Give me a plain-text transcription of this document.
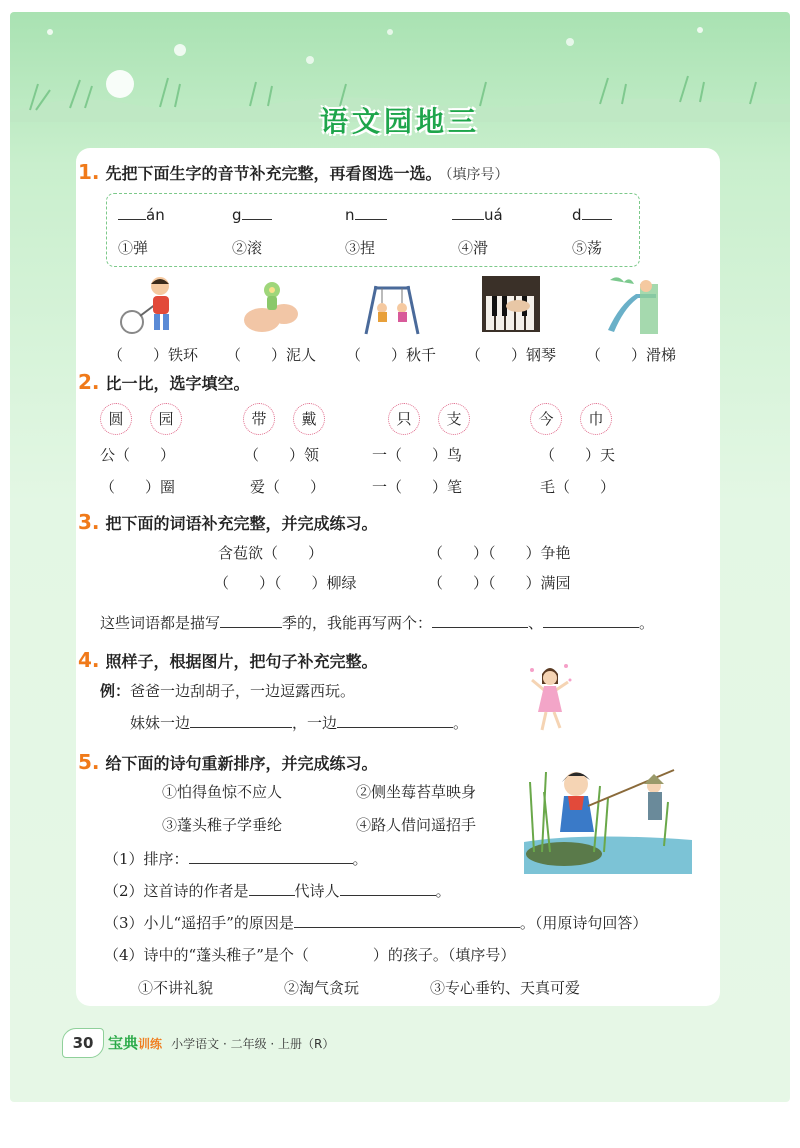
语文园地三
1. 先把下面生字的音节补充完整，再看图选一选。 （填序号）
án	g	n	uá	d
①弹	②滚	③捏	④滑	⑤荡
（　　）铁环 （　　）泥人 （　　）秋千 （　　）钢琴 （　　）滑梯
2. 比一比，选字填空。
圆	园	带	戴	只	支	今	巾
公（　　）	（　　）领	一（　　）鸟	（　　）天
（　　）圈	爱（　　）	一（　　）笔	毛（　　）
3. 把下面的词语补充完整，并完成练习。
含苞欲（　　）	（　　）（　　）争艳
（　　）（　　）柳绿	（　　）（　　）满园
这些词语都是描写	季的，我能再写两个：	、	。
4. 照样子，根据图片，把句子补充完整。
例：爸爸一边刮胡子，一边逗露西玩。
妹妹一边	，一边	。
5. 给下面的诗句重新排序，并完成练习。
①怕得鱼惊不应人	②侧坐莓苔草映身
③蓬头稚子学垂纶	④路人借问遥招手
（1）排序：	。
（2）这首诗的作者是	代诗人	。
（3）小儿“遥招手”的原因是	。（用原诗句回答）
（4）诗中的“蓬头稚子”是个（	）的孩子。（填序号）
①不讲礼貌	②淘气贪玩	③专心垂钓、天真可爱
30 宝典训练 小学语文 · 二年级 · 上册（R）
